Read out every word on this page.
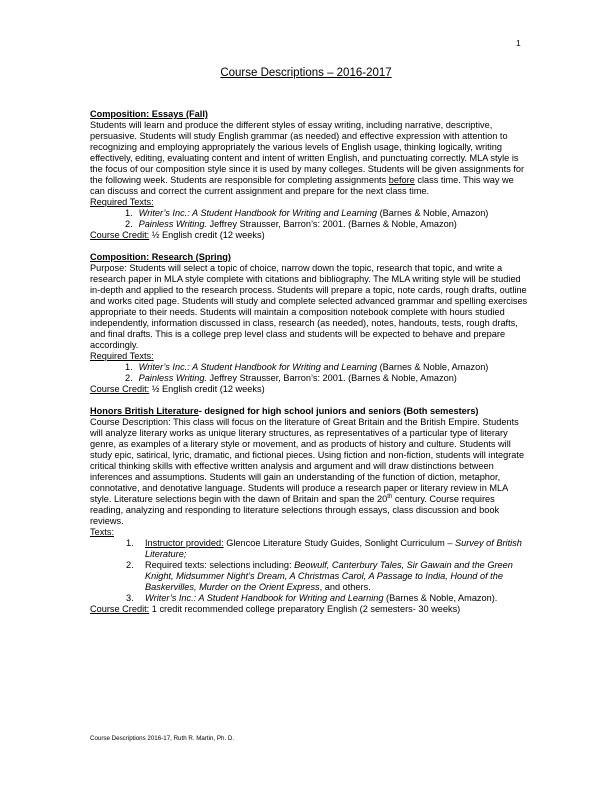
1
Course Descriptions – 2016-2017
Composition: Essays (Fall)

Students will learn and produce the different styles of essay writing, including narrative, descriptive, persuasive. Students will study English grammar (as needed) and effective expression with attention to recognizing and employing appropriately the various levels of English usage, thinking logically, writing effectively, editing, evaluating content and intent of written English, and punctuating correctly. MLA style is the focus of our composition style since it is used by many colleges. Students will be given assignments for the following week. Students are responsible for completing assignments before class time. This way we can discuss and correct the current assignment and prepare for the next class time.

Required Texts:
1. Writer’s Inc.: A Student Handbook for Writing and Learning (Barnes & Noble, Amazon)
2. Painless Writing. Jeffrey Strausser, Barron’s: 2001. (Barnes & Noble, Amazon)
Course Credit: ½ English credit (12 weeks)
Composition: Research (Spring)

Purpose: Students will select a topic of choice, narrow down the topic, research that topic, and write a research paper in MLA style complete with citations and bibliography. The MLA writing style will be studied in-depth and applied to the research process. Students will prepare a topic, note cards, rough drafts, outline and works cited page. Students will study and complete selected advanced grammar and spelling exercises appropriate to their needs. Students will maintain a composition notebook complete with hours studied independently, information discussed in class, research (as needed), notes, handouts, tests, rough drafts, and final drafts. This is a college prep level class and students will be expected to behave and prepare accordingly.

Required Texts:
1. Writer’s Inc.: A Student Handbook for Writing and Learning (Barnes & Noble, Amazon)
2. Painless Writing. Jeffrey Strausser, Barron’s: 2001. (Barnes & Noble, Amazon)
Course Credit: ½ English credit (12 weeks)
Honors British Literature- designed for high school juniors and seniors (Both semesters)

Course Description: This class will focus on the literature of Great Britain and the British Empire. Students will analyze literary works as unique literary structures, as representatives of a particular type of literary genre, as examples of a literary style or movement, and as products of history and culture. Students will study epic, satirical, lyric, dramatic, and fictional pieces. Using fiction and non-fiction, students will integrate critical thinking skills with effective written analysis and argument and will draw distinctions between inferences and assumptions. Students will gain an understanding of the function of diction, metaphor, connotative, and denotative language. Students will produce a research paper or literary review in MLA style. Literature selections begin with the dawn of Britain and span the 20th century. Course requires reading, analyzing and responding to literature selections through essays, class discussion and book reviews.

Texts:
1.	Instructor provided: Glencoe Literature Study Guides, Sonlight Curriculum – Survey of British Literature;
2.	Required texts: selections including: Beowulf, Canterbury Tales, Sir Gawain and the Green Knight, Midsummer Night’s Dream, A Christmas Carol, A Passage to India, Hound of the Baskervilles, Murder on the Orient Express, and others.
3.	Writer’s Inc.: A Student Handbook for Writing and Learning (Barnes & Noble, Amazon).
Course Credit: 1 credit recommended college preparatory English (2 semesters- 30 weeks)
Course Descriptions 2016-17, Ruth R. Martin, Ph. D.
